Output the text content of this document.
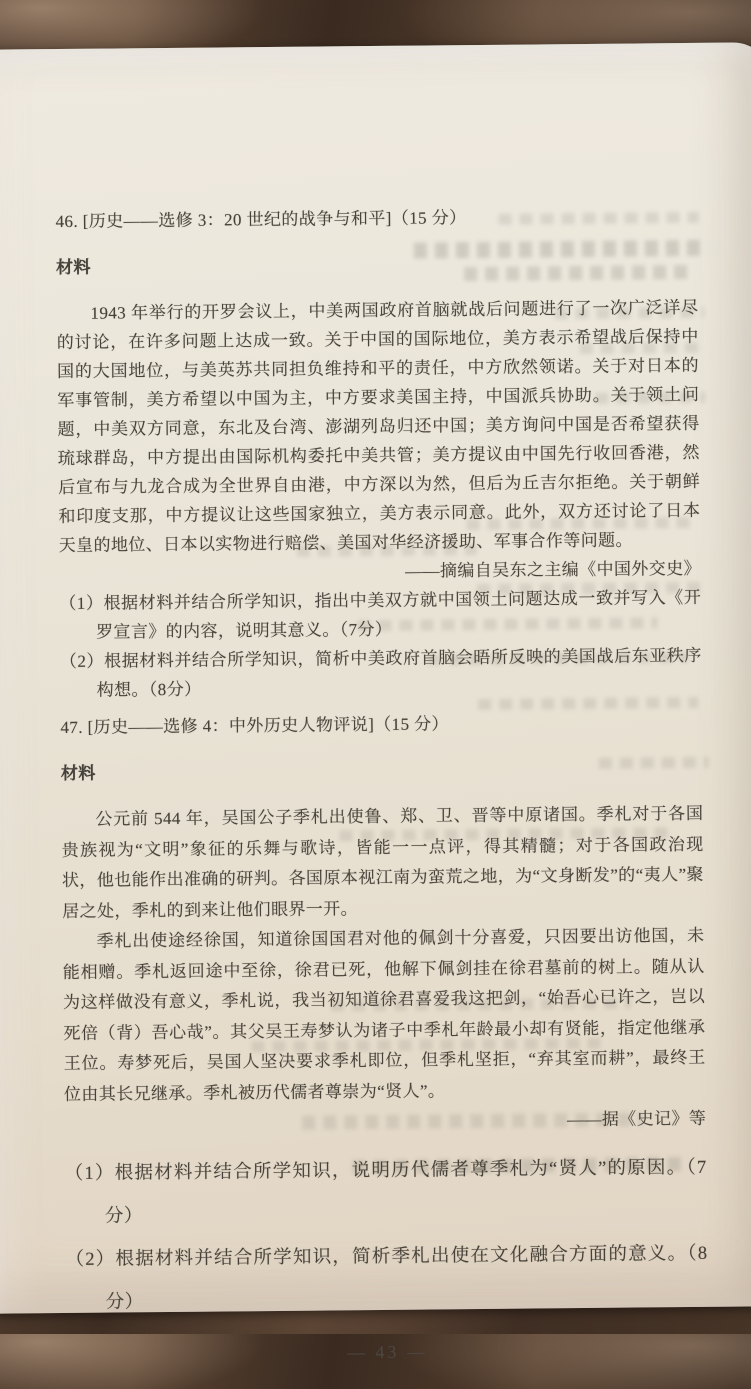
46. [历史——选修 3：20 世纪的战争与和平]（15 分）

材料

1943 年举行的开罗会议上，中美两国政府首脑就战后问题进行了一次广泛详尽的讨论，在许多问题上达成一致。关于中国的国际地位，美方表示希望战后保持中国的大国地位，与美英苏共同担负维持和平的责任，中方欣然领诺。关于对日本的军事管制，美方希望以中国为主，中方要求美国主持，中国派兵协助。关于领土问题，中美双方同意，东北及台湾、澎湖列岛归还中国；美方询问中国是否希望获得琉球群岛，中方提出由国际机构委托中美共管；美方提议由中国先行收回香港，然后宣布与九龙合成为全世界自由港，中方深以为然，但后为丘吉尔拒绝。关于朝鲜和印度支那，中方提议让这些国家独立，美方表示同意。此外，双方还讨论了日本天皇的地位、日本以实物进行赔偿、美国对华经济援助、军事合作等问题。

——摘编自吴东之主编《中国外交史》

（1）根据材料并结合所学知识，指出中美双方就中国领土问题达成一致并写入《开罗宣言》的内容，说明其意义。（7分）

（2）根据材料并结合所学知识，简析中美政府首脑会晤所反映的美国战后东亚秩序构想。（8分）

47. [历史——选修 4：中外历史人物评说]（15 分）

材料

公元前 544 年，吴国公子季札出使鲁、郑、卫、晋等中原诸国。季札对于各国贵族视为“文明”象征的乐舞与歌诗，皆能一一点评，得其精髓；对于各国政治现状，他也能作出准确的研判。各国原本视江南为蛮荒之地，为“文身断发”的“夷人”聚居之处，季札的到来让他们眼界一开。

季札出使途经徐国，知道徐国国君对他的佩剑十分喜爱，只因要出访他国，未能相赠。季札返回途中至徐，徐君已死，他解下佩剑挂在徐君墓前的树上。随从认为这样做没有意义，季札说，我当初知道徐君喜爱我这把剑，“始吾心已许之，岂以死倍（背）吾心哉”。其父吴王寿梦认为诸子中季札年龄最小却有贤能，指定他继承王位。寿梦死后，吴国人坚决要求季札即位，但季札坚拒，“弃其室而耕”，最终王位由其长兄继承。季札被历代儒者尊崇为“贤人”。

——据《史记》等

（1）根据材料并结合所学知识，说明历代儒者尊季札为“贤人”的原因。（7分）

（2）根据材料并结合所学知识，简析季札出使在文化融合方面的意义。（8分）

— 43 —
